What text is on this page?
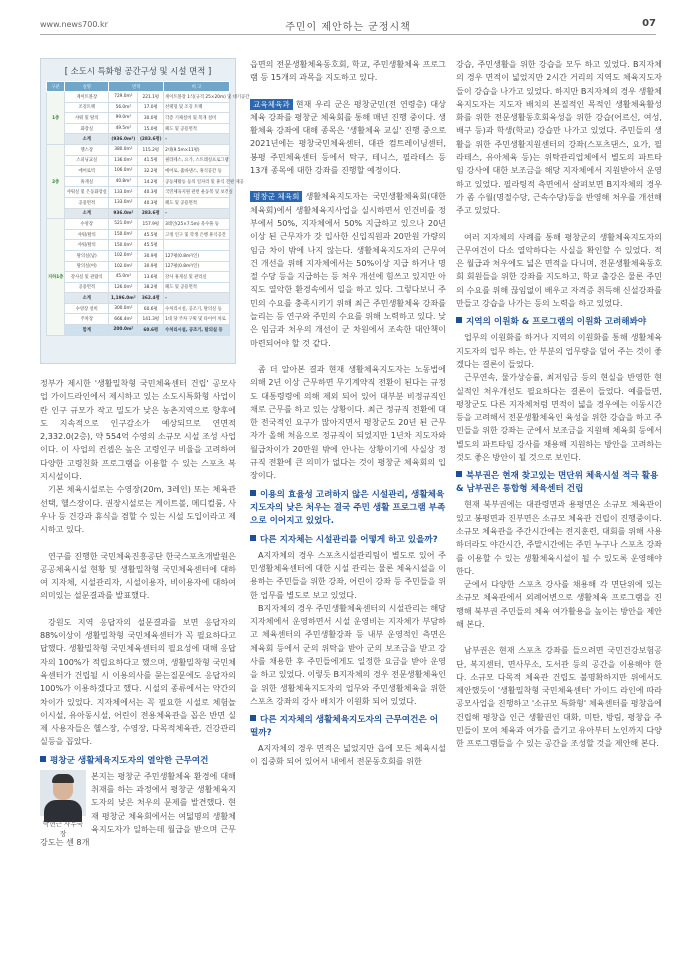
www.news700.kr	주민이 제안하는 군정시책	07
[ 소도시 특화형 공간구성 및 시설 면적 ]
구분	실명	면적		비 고
1층	게이트볼장	729.0m²	221.1평	게이트볼장 1식(규격 25×20m) 및 대기공간
	조깅트랙	56.0m²	17.0평	선택형 및 조깅 트랙
	샤워 및 탈의	99.0m²	30.0평	각층 기체설비 및 복개 설비
	화장실	49.5m²	15.0평	폐도 및 공용면적
	소계	(936.0m²)	(283.6평)	-
2층	헬스장	380.0m²	115.2평	2대(9.5m×11평)
	스피닝교실	136.0m²	41.5평	필라테스, 요가, 스트레칭프로그램
	에어로빅	106.0m²	32.2평	에어로, 줌바댄스, 휴식공간 등
	휴게실	40.8m²	14.2평	공동체활동 등의 일자리 및 휴식 간판 제공
	샤워실 및 은동화장실	133.0m²	40.3평	국민체육지원 관련 운동복 및 보건실
	공용면적	133.0m²	40.3평	폐도 및 공용면적
	소계	936.0m²	283.6평	-
지하1층	수영장	521.0m²	157.9평	3레인(25×7.5m) 욕수풀 등
	샤워/탈의	150.0m²	45.5평	고정 인구 및 학생 은행 휴식공간
	샤워/탈의	150.0m²	45.5평	
	탈의실(남)	102.0m²	30.9평	127평(0.8m²/인)
	탈의실(여)	102.0m²	30.9평	127평(0.8m²/인)
	강사실 및 관람석	45.0m²	13.6평	강사 휴게실 및 관리실
	공용면적	126.0m²	38.2평	폐도 및 공용면적
	소계	1,196.0m²	362.4평	-
	수영장 설비	300.0m²	60.6평	수처리시설, 공조기, 탈의실 등
	주차장	666.4m²	141.3평	1대 당 주차 구획 및 타이어 차로
	합계	200.0m²	60.6평	수처리시설, 공조기, 탈의실 등

정부가 제시한 '생활밀착형 국민체육센터 건립' 공모사업 가이드라인에서 제시하고 있는 소도시특화형 사업이란 인구 규모가 작고 밀도가 낮은 농촌지역으로 향후에도 지속적으로 인구감소가 예상되므로 연면적 2,332.0(2층), 약 554억 수영의 소규모 시설 조성 사업이다. 이 사업의 컨셉은 높은 고령인구 비율을 고려하여 다양한 고령친화 프로그램을 이용할 수 있는 스포츠 복지시설이다.

기본 체육시설로는 수영장(20m, 3레인) 또는 체육관 선택, 헬스장이다. 권장시설로는 게이트볼, 메디컬룸, 사우나 등 건강과 휴식을 겸할 수 있는 시설 도입이라고 제시하고 있다.

연구를 진행한 국민체육진흥공단 한국스포츠개발원은 공공체육시설 현황 및 생활밀착형 국민체육센터에 대하여 지자체, 시설관리자, 시설이용자, 비이용자에 대하여 의미있는 설문결과를 발표했다.

강원도 지역 응답자의 설문결과를 보면 응답자의 88%이상이 생활밀착형 국민체육센터가 꼭 필요하다고 답했다. 생활밀착형 국민체육센터의 필요성에 대해 응답자의 100%가 적립요하다고 했으며, 생활밀착형 국민체육센터가 건립될 시 이용의사를 묻는질문에도 응답자의 100%가 이용하겠다고 했다. 시설의 종류에서는 약간의 차이가 있었다. 지자체에서는 꼭 필요한 시설로 체험놀이시설, 유아동시설, 어린이 전용체육관을 꼽은 반면 실제 사용자들은 헬스장, 수영장, 다목적체육관, 건강관리실등을 꼽았다.

평창군 생활체육지도자의 열악한 근무여건
박현근 사무국장

본지는 평창군 주민생활체육 환경에 대해 취재를 하는 과정에서 평창군 생활체육지도자의 낮은 처우의 문제를 발견했다. 현재 평창군 체육회에서는 여덟명의 생활체육지도자가 일하는데 월급을 받으며 근무강도는 센 8개

읍면의 전문생활체육동호회, 학교, 주민생활체육 프로그램 등 15개의 과목을 지도하고 있다.

교육체육과 현재 우리 군은 평창군민(전 연령층) 대상 체육 강좌를 평창군 체육회를 통해 매년 진행 중이다. 생활체육 강좌에 대해 종목은 '생활체육 교실' 진행 중으로 2021년에는 평창국민체육센터, 대관 컴트레이닝센터, 봉평 주민체육센터 등에서 탁구, 테니스, 필라테스 등 13개 종목에 대한 강좌를 진행할 예정이다.

평창군 체육회 생활체육지도자는 국민생활체육회(대한체육회)에서 생활체육지사업을 실시하면서 인건비를 정부에서 50%, 지자체에서 50% 지급하고 있으나 20년이상 된 근무자가 갓 입사한 신입직원과 20만원 가량의 임금 차이 밖에 나지 않는다. 생활체육지도자의 근무여건 개선을 위해 지자체에서는 50%이상 지급 하거나 명절 수당 등을 지급하는 등 처우 개선에 힘쓰고 있지만 아직도 열악한 환경속에서 일을 하고 있다. 그렇다보니 주민의 수요를 충족시키기 위해 최근 주민생활체육 강좌를 늘리는 등 연구와 주민의 수요를 위해 노력하고 있다. 낮은 임금과 처우의 개선이 군 차원에서 조속한 대안책이 마련되어야 할 것 같다.

좀 더 알아본 결과 현재 생활체육지도자는 노동법에 의해 2년 이상 근무하면 무기계약직 전환이 된다는 규정도 대통령령에 의해 제외 되어 있어 대부분 비정규직인 채로 근무를 하고 있는 상황이다. 최근 정규직 전환에 대한 전국적인 요구가 많아지면서 평창군도 20년 된 근무자가 올해 처음으로 정규직이 되었지만 1년차 지도자와 월급차이가 20만원 밖에 안나는 상황이기에 사실상 정규직 전환에 큰 의미가 없다는 것이 평창군 체육회의 입장이다.

이용의 효율성 고려하지 않은 시설관리, 생활체육지도자의 낮은 처우는 결국 주민 생활 프로그램 부족으로 이어지고 있었다.
다른 지자체는 시설관리를 어떻게 하고 있을까?

A지자체의 경우 스포츠시설관리팀이 별도로 있어 주민생활체육센터에 대한 시설 관리는 물론 체육시설을 이용하는 주민들을 위한 강좌, 어린이 강좌 등 주민들을 위한 업무를 별도로 보고 있었다.

B지자체의 경우 주민생활체육센터의 시설관리는 해당 지자체에서 운영하면서 시설 운영비는 지자체가 부담하고 체육센터의 주민생활강좌 등 내부 운영적인 측면은 체육회 등에서 군의 위탁을 받아 군의 보조금을 받고 강사를 채용한 후 주민들에게도 일정한 요금을 받아 운영을 하고 있었다. 이렇듯 B지자체의 경우 전문생활체육인을 위한 생활체육지도자의 업무와 주민생활체육을 위한 스포츠 강좌의 강사 배치가 이원화 되어 있었다.

다른 지자체의 생활체육지도자의 근무여건은 어떨까?

A지자체의 경우 면적은 넓었지만 읍에 모든 체육시설이 집중화 되어 있어서 내에서 전문동호회를 위한

강습, 주민생활을 위한 강습을 모두 하고 있었다. B지자체의 경우 면적이 넓었지만 2시간 거리의 지역도 체육지도자들이 강습을 나가고 있었다. 하지만 B지자체의 경우 생활체육지도자는 지도자 배치의 본질적인 목적인 생활체육활성화를 위한 전문생활동호회육성을 위한 강습(어르신, 여성, 배구 등)과 학생(학교) 강습만 나가고 있었다. 주민들의 생활을 위한 주민생활지원센터의 강좌(스포츠댄스, 요가, 필라테스, 유아체육 등)는 위탁관리업체에서 별도의 파트타임 강사에 대한 보조금을 해당 지자체에서 지원받아서 운영하고 있었다. 필라팅적 측면에서 살펴보면 B지자체의 경우가 좀 수월(명절수당, 근속수당)등을 반영해 처우를 개선해 주고 있었다.

여러 지자체의 사례를 통해 평창군의 생활체육지도자의 근무여건이 다소 열악하다는 사실을 확인할 수 있었다. 적은 월급과 처우에도 넓은 면적을 다니며, 전문생활체육동호회 회원들을 위한 강좌를 지도하고, 학교 출강은 물론 주민의 수요를 위해 끊임없이 배우고 자격증 취득해 신설강좌를 만들고 강습을 나가는 등의 노력을 하고 있었다.

지역의 이원화 & 프로그램의 이원화 고려해봐야

업무의 이원화를 하거나 지역의 이원화를 통해 생활체육지도자의 업무 하는, 안 부분의 업무량을 덜어 주는 것이 좋겠다는 결론이 들었다.

근무연속, 물가상승률, 최저임금 등의 현실을 반영한 현실적인 처우개선도 필요하다는 결론이 들었다. 예를들면, 평창군도 다른 지자체처럼 면적이 넓을 경우에는 이동시간 등을 고려해서 전문생활체육인 육성을 위한 강습을 하고 주민들을 위한 강좌는 군에서 보조금을 지원해 체육회 등에서 별도의 파트타임 강사를 채용해 지원하는 방안을 고려하는 것도 좋은 방안이 될 것으로 보인다.

북부권은 현재 찾고있는 면단위 체육시설 적극 활용 & 남부권은 통합형 체육센터 건립

현재 북부권에는 대관령면과 용평면은 소규모 체육관이 있고 봉평면과 진부면은 소규모 체육관 건립이 진행중이다. 소규모 체육관을 주간시간에는 전지훈련, 대회를 위해 사용하더라도 야간시간, 주말시간에는 주민 누구나 스포츠 강좌를 이용할 수 있는 생활체육시설이 될 수 있도록 운영해야 한다.

군에서 다양한 스포츠 강사를 채용해 각 면단위에 있는 소규모 체육관에서 외례어변으로 생활체육 프로그램을 진행해 북부권 주민들의 체육 여가활용을 높이는 방안을 제안해 본다.

남부권은 현재 스포츠 강좌를 들으려면 국민건강보험공단, 복지센터, 면사무소, 도서관 등의 공간을 이용해야 한다. 소규모 다목적 체육관 건립도 불명확하지만 위에서도 제안했듯이 '생활밀착형 국민체육센터' 가이드 라인에 따라 공모사업을 진행하고 '소규모 특화형' 체육센터를 평창읍에 건립해 평창읍 인근 생활권인 대화, 미탄, 방림, 평창읍 주민들이 모여 체육과 여가를 즐기고 유아부터 노인까지 다양한 프로그램들을 수 있는 공간을 조성할 것을 제안해 본다.
